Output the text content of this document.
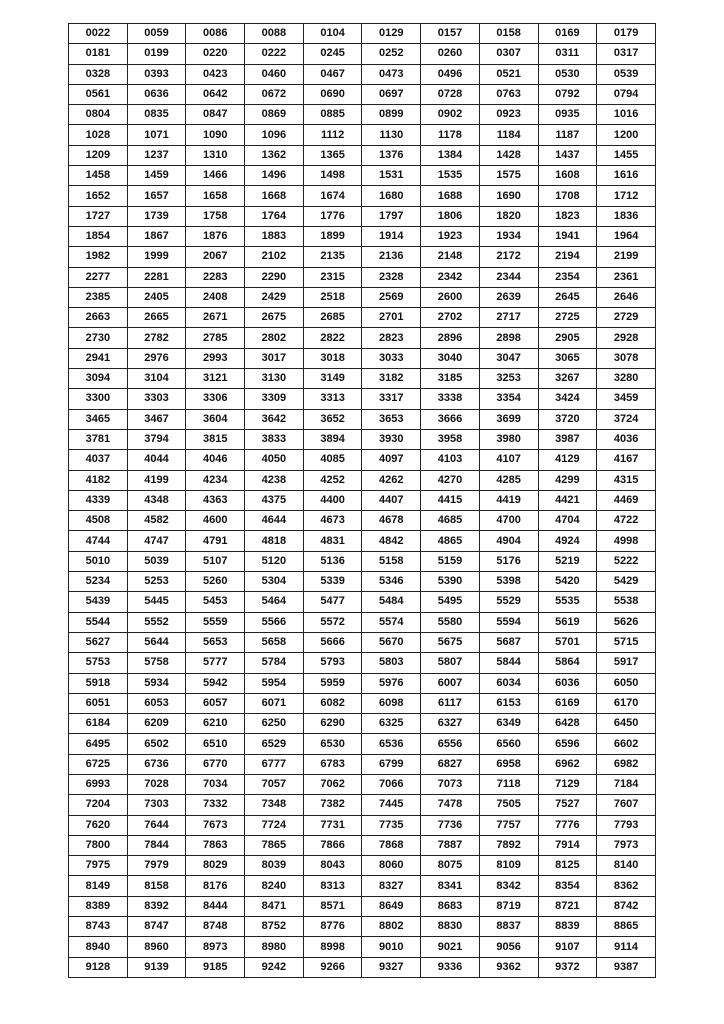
0022	0059	0086	0088	0104	0129	0157	0158	0169	0179
0181	0199	0220	0222	0245	0252	0260	0307	0311	0317
0328	0393	0423	0460	0467	0473	0496	0521	0530	0539
0561	0636	0642	0672	0690	0697	0728	0763	0792	0794
0804	0835	0847	0869	0885	0899	0902	0923	0935	1016
1028	1071	1090	1096	1112	1130	1178	1184	1187	1200
1209	1237	1310	1362	1365	1376	1384	1428	1437	1455
1458	1459	1466	1496	1498	1531	1535	1575	1608	1616
1652	1657	1658	1668	1674	1680	1688	1690	1708	1712
1727	1739	1758	1764	1776	1797	1806	1820	1823	1836
1854	1867	1876	1883	1899	1914	1923	1934	1941	1964
1982	1999	2067	2102	2135	2136	2148	2172	2194	2199
2277	2281	2283	2290	2315	2328	2342	2344	2354	2361
2385	2405	2408	2429	2518	2569	2600	2639	2645	2646
2663	2665	2671	2675	2685	2701	2702	2717	2725	2729
2730	2782	2785	2802	2822	2823	2896	2898	2905	2928
2941	2976	2993	3017	3018	3033	3040	3047	3065	3078
3094	3104	3121	3130	3149	3182	3185	3253	3267	3280
3300	3303	3306	3309	3313	3317	3338	3354	3424	3459
3465	3467	3604	3642	3652	3653	3666	3699	3720	3724
3781	3794	3815	3833	3894	3930	3958	3980	3987	4036
4037	4044	4046	4050	4085	4097	4103	4107	4129	4167
4182	4199	4234	4238	4252	4262	4270	4285	4299	4315
4339	4348	4363	4375	4400	4407	4415	4419	4421	4469
4508	4582	4600	4644	4673	4678	4685	4700	4704	4722
4744	4747	4791	4818	4831	4842	4865	4904	4924	4998
5010	5039	5107	5120	5136	5158	5159	5176	5219	5222
5234	5253	5260	5304	5339	5346	5390	5398	5420	5429
5439	5445	5453	5464	5477	5484	5495	5529	5535	5538
5544	5552	5559	5566	5572	5574	5580	5594	5619	5626
5627	5644	5653	5658	5666	5670	5675	5687	5701	5715
5753	5758	5777	5784	5793	5803	5807	5844	5864	5917
5918	5934	5942	5954	5959	5976	6007	6034	6036	6050
6051	6053	6057	6071	6082	6098	6117	6153	6169	6170
6184	6209	6210	6250	6290	6325	6327	6349	6428	6450
6495	6502	6510	6529	6530	6536	6556	6560	6596	6602
6725	6736	6770	6777	6783	6799	6827	6958	6962	6982
6993	7028	7034	7057	7062	7066	7073	7118	7129	7184
7204	7303	7332	7348	7382	7445	7478	7505	7527	7607
7620	7644	7673	7724	7731	7735	7736	7757	7776	7793
7800	7844	7863	7865	7866	7868	7887	7892	7914	7973
7975	7979	8029	8039	8043	8060	8075	8109	8125	8140
8149	8158	8176	8240	8313	8327	8341	8342	8354	8362
8389	8392	8444	8471	8571	8649	8683	8719	8721	8742
8743	8747	8748	8752	8776	8802	8830	8837	8839	8865
8940	8960	8973	8980	8998	9010	9021	9056	9107	9114
9128	9139	9185	9242	9266	9327	9336	9362	9372	9387
